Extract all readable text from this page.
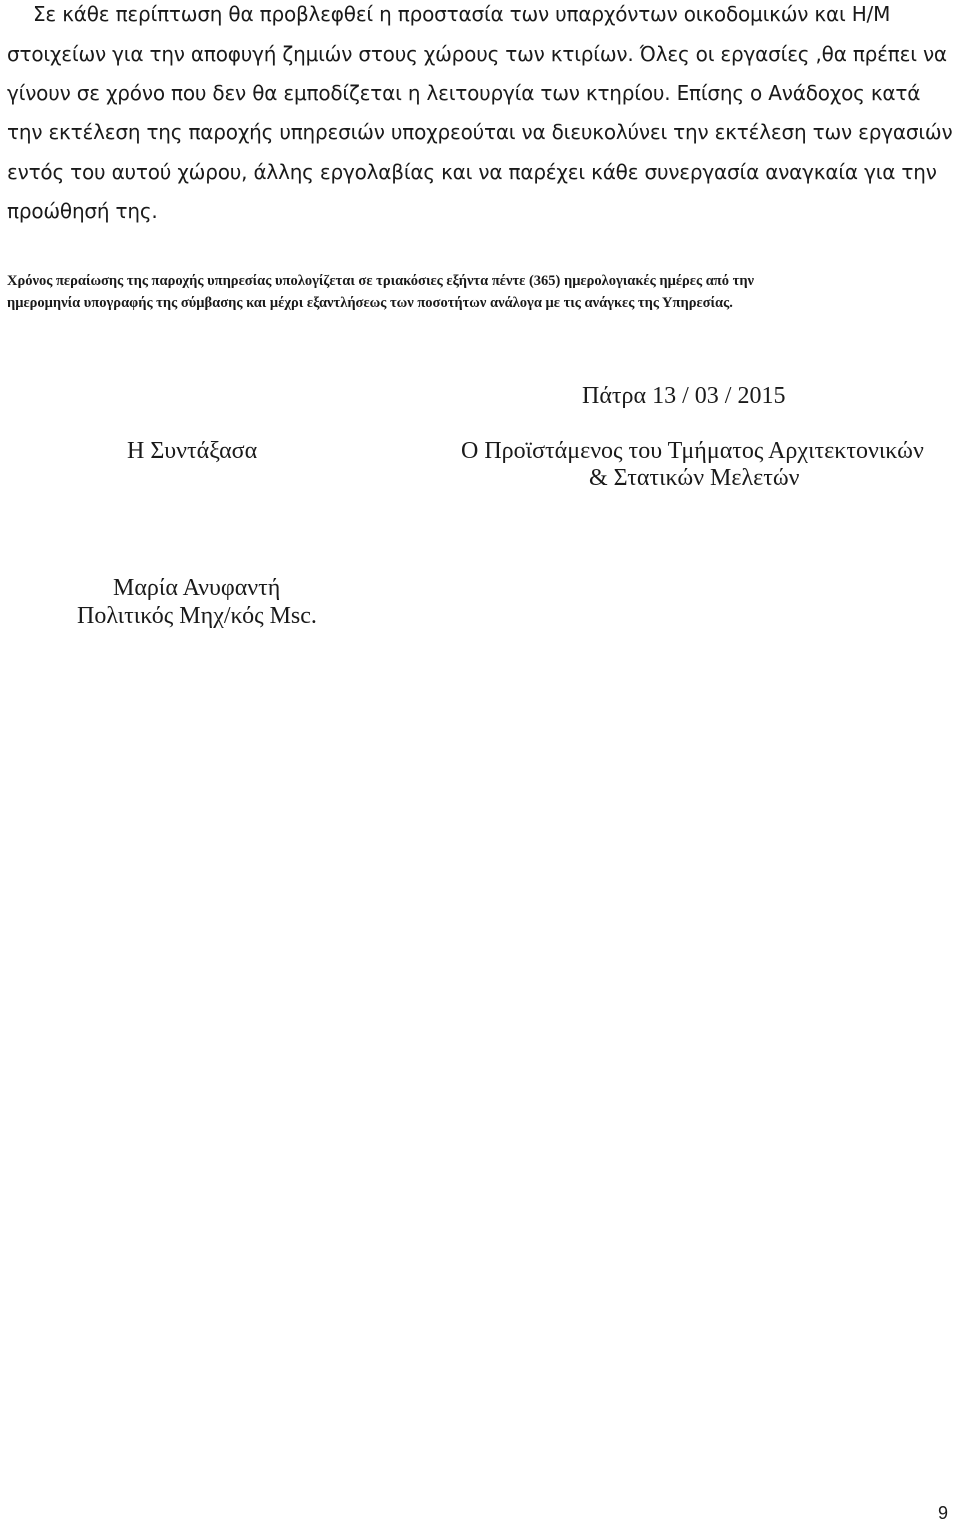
Σε κάθε περίπτωση θα προβλεφθεί η προστασία των υπαρχόντων οικοδομικών και Η/Μ

στοιχείων για την αποφυγή ζημιών στους χώρους των κτιρίων. Όλες οι εργασίες ,θα πρέπει να

γίνουν σε χρόνο που δεν θα εμποδίζεται η λειτουργία των κτηρίου. Επίσης ο Ανάδοχος κατά

την εκτέλεση της παροχής υπηρεσιών υποχρεούται να διευκολύνει την εκτέλεση των εργασιών

εντός του αυτού χώρου, άλλης εργολαβίας και να παρέχει κάθε συνεργασία αναγκαία για την

προώθησή της.

Χρόνος περαίωσης της παροχής υπηρεσίας υπολογίζεται σε τριακόσιες εξήντα πέντε (365) ημερολογιακές ημέρες από την

ημερομηνία υπογραφής της σύμβασης και μέχρι εξαντλήσεως των ποσοτήτων ανάλογα με τις ανάγκες της Υπηρεσίας.

Πάτρα 13 / 03 / 2015

Η Συντάξασα	Ο Προϊστάμενος του Τμήματος Αρχιτεκτονικών

& Στατικών Μελετών

Μαρία Ανυφαντή

Πολιτικός Μηχ/κός Msc.

9
